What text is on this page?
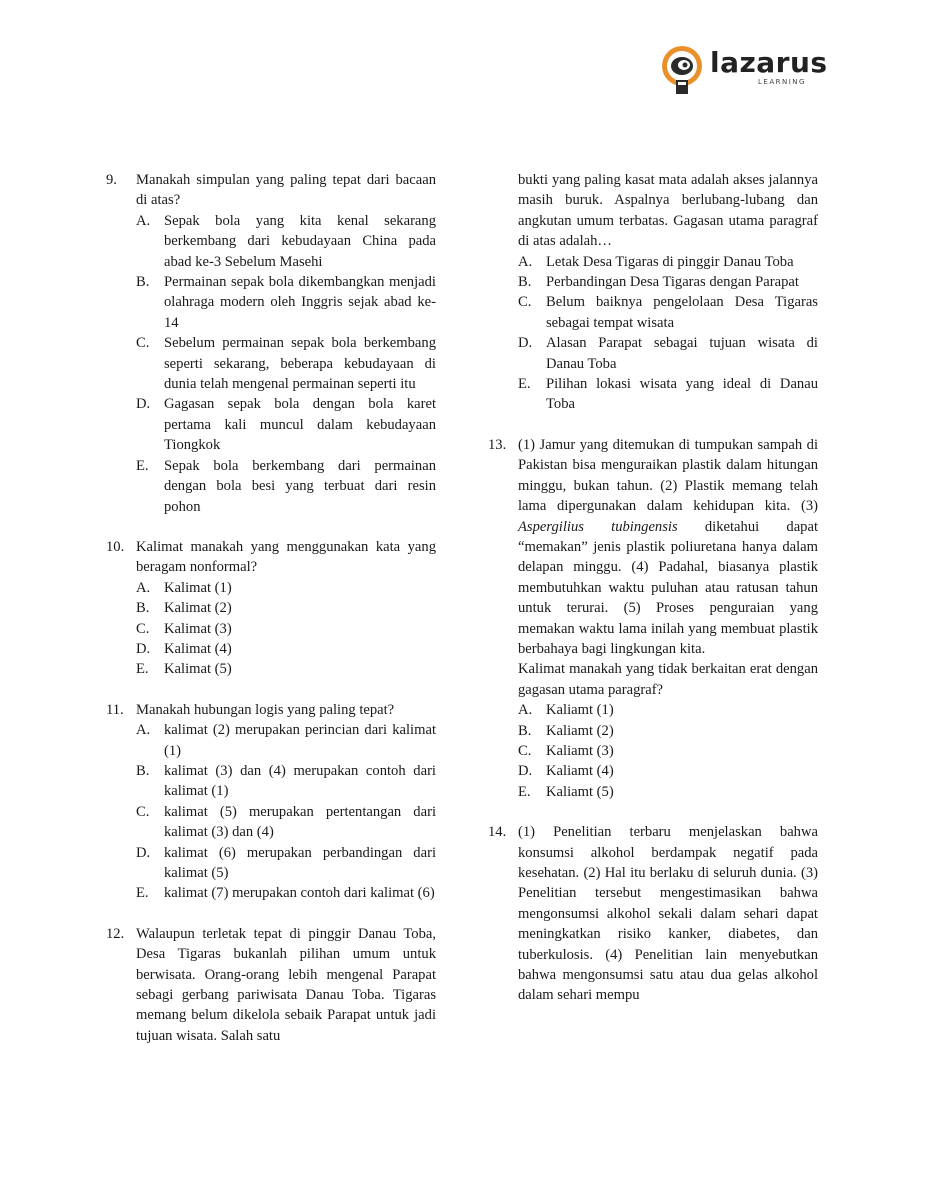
lazarus
LEARNING
9.	Manakah simpulan yang paling tepat dari bacaan di atas?
A. Sepak bola yang kita kenal sekarang berkembang dari kebudayaan China pada abad ke-3 Sebelum Masehi
B.	Permainan sepak bola dikembangkan menjadi olahraga modern oleh Inggris sejak abad ke-14
C.	Sebelum permainan sepak bola berkembang seperti sekarang, beberapa kebudayaan di dunia telah mengenal permainan seperti itu
D. Gagasan sepak bola dengan bola karet pertama kali muncul dalam kebudayaan Tiongkok
E.	Sepak bola berkembang dari permainan dengan bola besi yang terbuat dari resin pohon
10. Kalimat manakah yang menggunakan kata yang beragam nonformal?
A. Kalimat (1)
B.	Kalimat (2)
C.	Kalimat (3)
D. Kalimat (4)
E.	Kalimat (5)
11. Manakah hubungan logis yang paling tepat?
A. kalimat (2) merupakan perincian dari kalimat (1)
B.	kalimat (3) dan (4) merupakan contoh dari kalimat (1)
C.	kalimat (5) merupakan pertentangan dari kalimat (3) dan (4)
D. kalimat (6) merupakan perbandingan dari kalimat (5)
E.	kalimat (7) merupakan contoh dari kalimat (6)
12. Walaupun terletak tepat di pinggir Danau Toba, Desa Tigaras bukanlah pilihan umum untuk berwisata. Orang-orang lebih mengenal Parapat sebagi gerbang pariwisata Danau Toba. Tigaras memang belum dikelola sebaik Parapat untuk jadi tujuan wisata. Salah satu
bukti yang paling kasat mata adalah akses jalannya masih buruk. Aspalnya berlubang-lubang dan angkutan umum terbatas. Gagasan utama paragraf di atas adalah…
A. Letak Desa Tigaras di pinggir Danau Toba
B.	Perbandingan Desa Tigaras dengan Parapat
C.	Belum baiknya pengelolaan Desa Tigaras sebagai tempat wisata
D. Alasan Parapat sebagai tujuan wisata di Danau Toba
E.	Pilihan lokasi wisata yang ideal di Danau Toba
13. (1) Jamur yang ditemukan di tumpukan sampah di Pakistan bisa menguraikan plastik dalam hitungan minggu, bukan tahun. (2) Plastik memang telah lama dipergunakan dalam kehidupan kita. (3) Aspergilius tubingensis diketahui dapat “memakan” jenis plastik poliuretana hanya dalam delapan minggu. (4) Padahal, biasanya plastik membutuhkan waktu puluhan atau ratusan tahun untuk terurai. (5) Proses penguraian yang memakan waktu lama inilah yang membuat plastik berbahaya bagi lingkungan kita.

Kalimat manakah yang tidak berkaitan erat dengan gagasan utama paragraf?

A. Kaliamt (1)
B.	Kaliamt (2)
C.	Kaliamt (3)
D. Kaliamt (4)
E.	Kaliamt (5)
14. (1) Penelitian terbaru menjelaskan bahwa konsumsi alkohol berdampak negatif pada kesehatan. (2) Hal itu berlaku di seluruh dunia. (3) Penelitian tersebut mengestimasikan bahwa mengonsumsi alkohol sekali dalam sehari dapat meningkatkan risiko kanker, diabetes, dan tuberkulosis. (4) Penelitian lain menyebutkan bahwa mengonsumsi satu atau dua gelas alkohol dalam sehari mempu
